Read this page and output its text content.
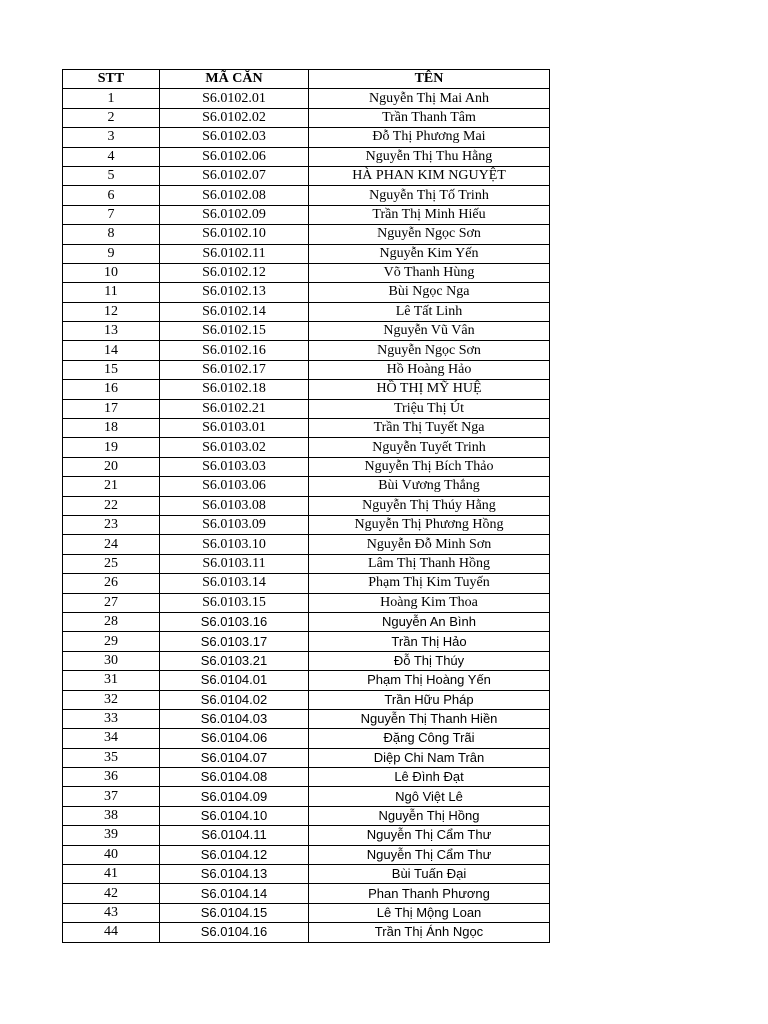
STT	MÃ CĂN	TÊN
1	S6.0102.01	Nguyễn Thị Mai Anh
2	S6.0102.02	Trần Thanh Tâm
3	S6.0102.03	Đỗ Thị Phương Mai
4	S6.0102.06	Nguyễn Thị Thu Hằng
5	S6.0102.07	HÀ PHAN KIM NGUYỆT
6	S6.0102.08	Nguyễn Thị Tố Trinh
7	S6.0102.09	Trần Thị Minh Hiếu
8	S6.0102.10	Nguyễn Ngọc Sơn
9	S6.0102.11	Nguyễn Kim Yến
10	S6.0102.12	Võ Thanh Hùng
11	S6.0102.13	Bùi Ngọc Nga
12	S6.0102.14	Lê Tất Linh
13	S6.0102.15	Nguyễn Vũ Vân
14	S6.0102.16	Nguyễn Ngọc Sơn
15	S6.0102.17	Hồ Hoàng Hảo
16	S6.0102.18	HỒ THỊ MỸ HUỆ
17	S6.0102.21	Triệu Thị Út
18	S6.0103.01	Trần Thị Tuyết Nga
19	S6.0103.02	Nguyễn Tuyết Trinh
20	S6.0103.03	Nguyễn Thị Bích Thảo
21	S6.0103.06	Bùi Vương Thắng
22	S6.0103.08	Nguyễn Thị Thúy Hằng
23	S6.0103.09	Nguyễn Thị Phương Hồng
24	S6.0103.10	Nguyễn Đỗ Minh Sơn
25	S6.0103.11	Lâm Thị Thanh Hồng
26	S6.0103.14	Phạm Thị Kim Tuyến
27	S6.0103.15	Hoàng Kim Thoa
28	S6.0103.16	Nguyễn An Bình
29	S6.0103.17	Trần Thị Hảo
30	S6.0103.21	Đỗ Thị Thúy
31	S6.0104.01	Phạm Thị Hoàng Yến
32	S6.0104.02	Trần Hữu Pháp
33	S6.0104.03	Nguyễn Thị Thanh Hiền
34	S6.0104.06	Đặng Công Trãi
35	S6.0104.07	Diệp Chi Nam Trân
36	S6.0104.08	Lê Đình Đạt
37	S6.0104.09	Ngô Việt Lê
38	S6.0104.10	Nguyễn Thị Hồng
39	S6.0104.11	Nguyễn Thị Cẩm Thư
40	S6.0104.12	Nguyễn Thị Cẩm Thư
41	S6.0104.13	Bùi Tuấn Đại
42	S6.0104.14	Phan Thanh Phương
43	S6.0104.15	Lê Thị Mộng Loan
44	S6.0104.16	Trần Thị Ánh Ngọc
